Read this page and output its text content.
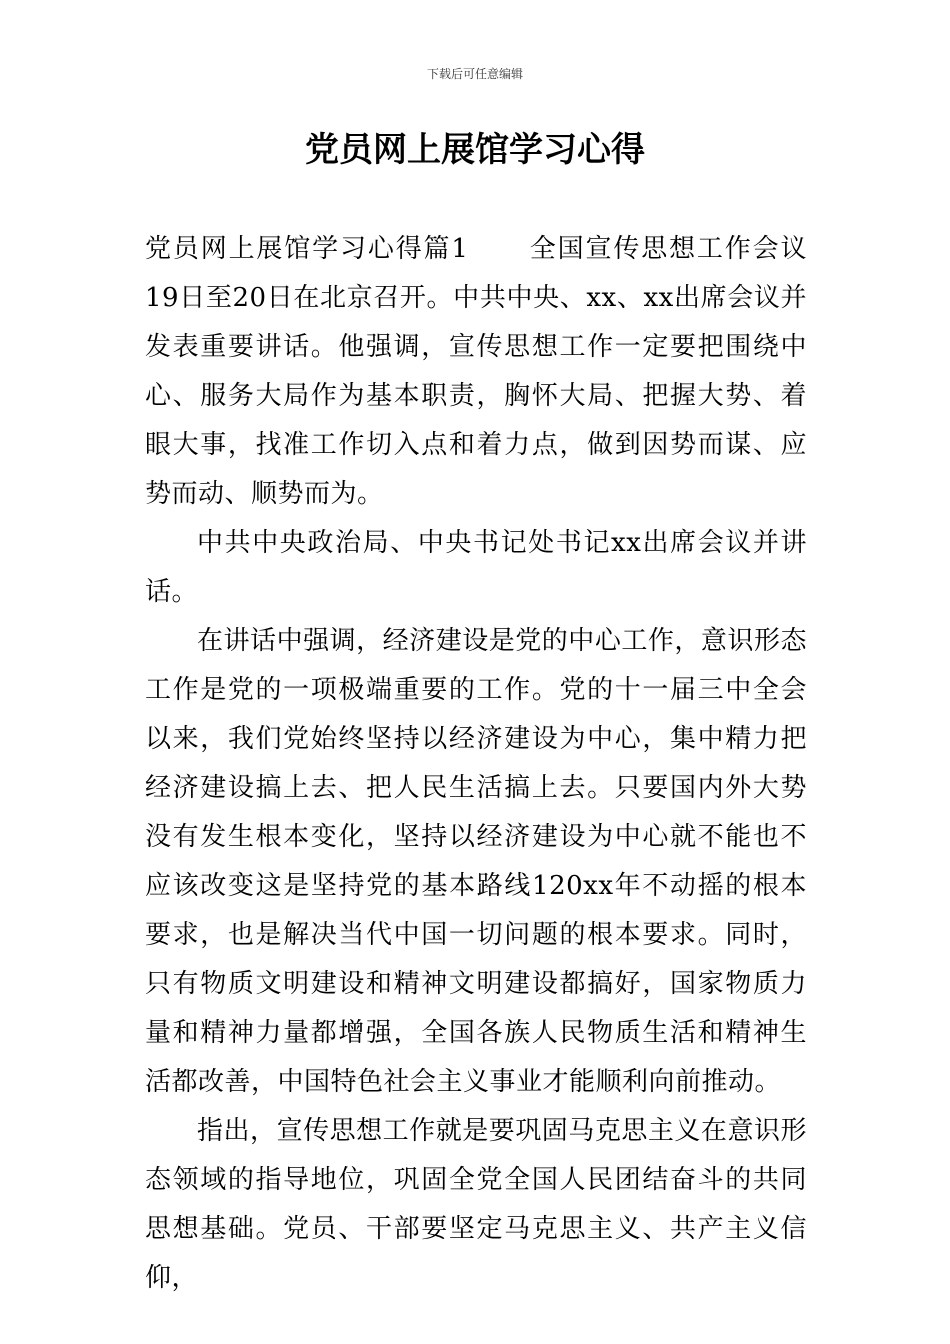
下载后可任意编辑
党员网上展馆学习心得

党员网上展馆学习心得篇1 全国宣传思想工作会议19日至20日在北京召开。中共中央、xx、xx出席会议并发表重要讲话。他强调，宣传思想工作一定要把围绕中心、服务大局作为基本职责，胸怀大局、把握大势、着眼大事，找准工作切入点和着力点，做到因势而谋、应势而动、顺势而为。

中共中央政治局、中央书记处书记xx出席会议并讲话。

在讲话中强调，经济建设是党的中心工作，意识形态工作是党的一项极端重要的工作。党的十一届三中全会以来，我们党始终坚持以经济建设为中心，集中精力把经济建设搞上去、把人民生活搞上去。只要国内外大势没有发生根本变化，坚持以经济建设为中心就不能也不应该改变这是坚持党的基本路线120xx年不动摇的根本要求，也是解决当代中国一切问题的根本要求。同时，只有物质文明建设和精神文明建设都搞好，国家物质力量和精神力量都增强，全国各族人民物质生活和精神生活都改善，中国特色社会主义事业才能顺利向前推动。

指出，宣传思想工作就是要巩固马克思主义在意识形态领域的指导地位，巩固全党全国人民团结奋斗的共同思想基础。党员、干部要坚定马克思主义、共产主义信仰，
